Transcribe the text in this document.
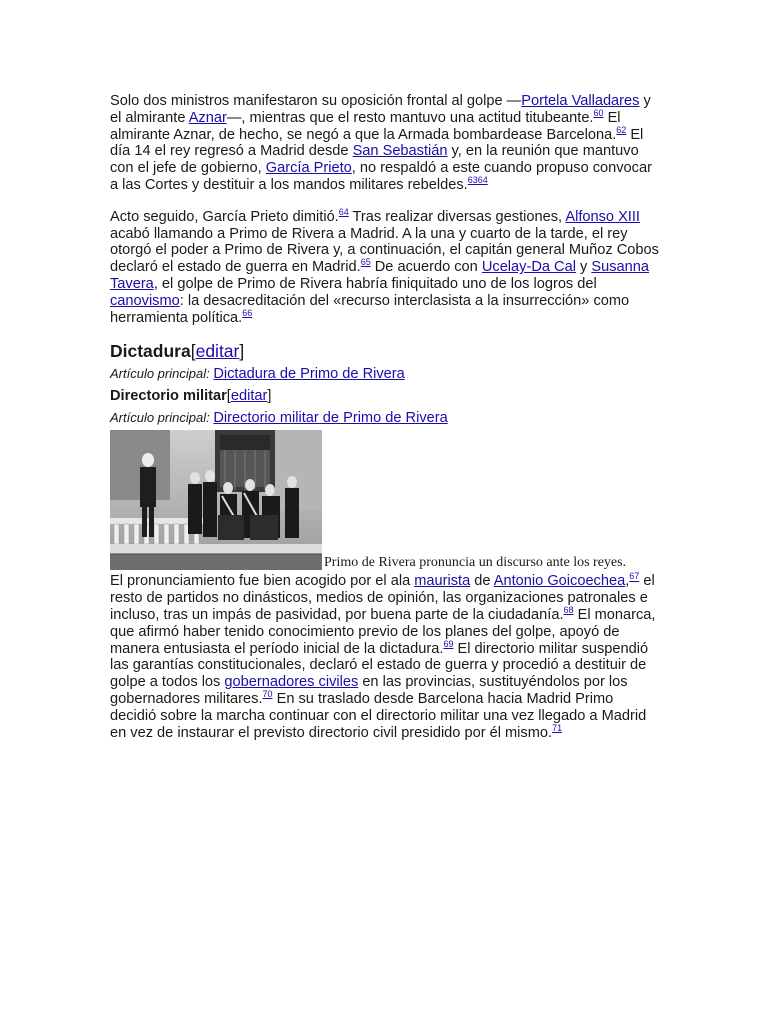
Solo dos ministros manifestaron su oposición frontal al golpe —Portela Valladares y el almirante Aznar—, mientras que el resto mantuvo una actitud titubeante.$^{60}$ El almirante Aznar, de hecho, se negó a que la Armada bombardease Barcelona.$^{62}$ El día 14 el rey regresó a Madrid desde San Sebastián y, en la reunión que mantuvo con el jefe de gobierno, García Prieto, no respaldó a este cuando propuso convocar a las Cortes y destituir a los mandos militares rebeldes.$^{6364}$

Acto seguido, García Prieto dimitió.$^{64}$ Tras realizar diversas gestiones, Alfonso XIII acabó llamando a Primo de Rivera a Madrid. A la una y cuarto de la tarde, el rey otorgó el poder a Primo de Rivera y, a continuación, el capitán general Muñoz Cobos declaró el estado de guerra en Madrid.$^{65}$ De acuerdo con Ucelay-Da Cal y Susanna Tavera, el golpe de Primo de Rivera habría finiquitado uno de los logros del canovismo: la desacreditación del «recurso interclasista a la insurrección» como herramienta política.$^{66}$

Dictadura[editar]

Artículo principal: Dictadura de Primo de Rivera

Directorio militar[editar]

Artículo principal: Directorio militar de Primo de Rivera

Primo de Rivera pronuncia un discurso ante los reyes.

El pronunciamiento fue bien acogido por el ala maurista de Antonio Goicoechea,$^{67}$ el resto de partidos no dinásticos, medios de opinión, las organizaciones patronales e incluso, tras un impás de pasividad, por buena parte de la ciudadanía.$^{68}$ El monarca, que afirmó haber tenido conocimiento previo de los planes del golpe, apoyó de manera entusiasta el período inicial de la dictadura.$^{69}$ El directorio militar suspendió las garantías constitucionales, declaró el estado de guerra y procedió a destituir de golpe a todos los gobernadores civiles en las provincias, sustituyéndolos por los gobernadores militares.$^{70}$ En su traslado desde Barcelona hacia Madrid Primo decidió sobre la marcha continuar con el directorio militar una vez llegado a Madrid en vez de instaurar el previsto directorio civil presidido por él mismo.$^{71}$
